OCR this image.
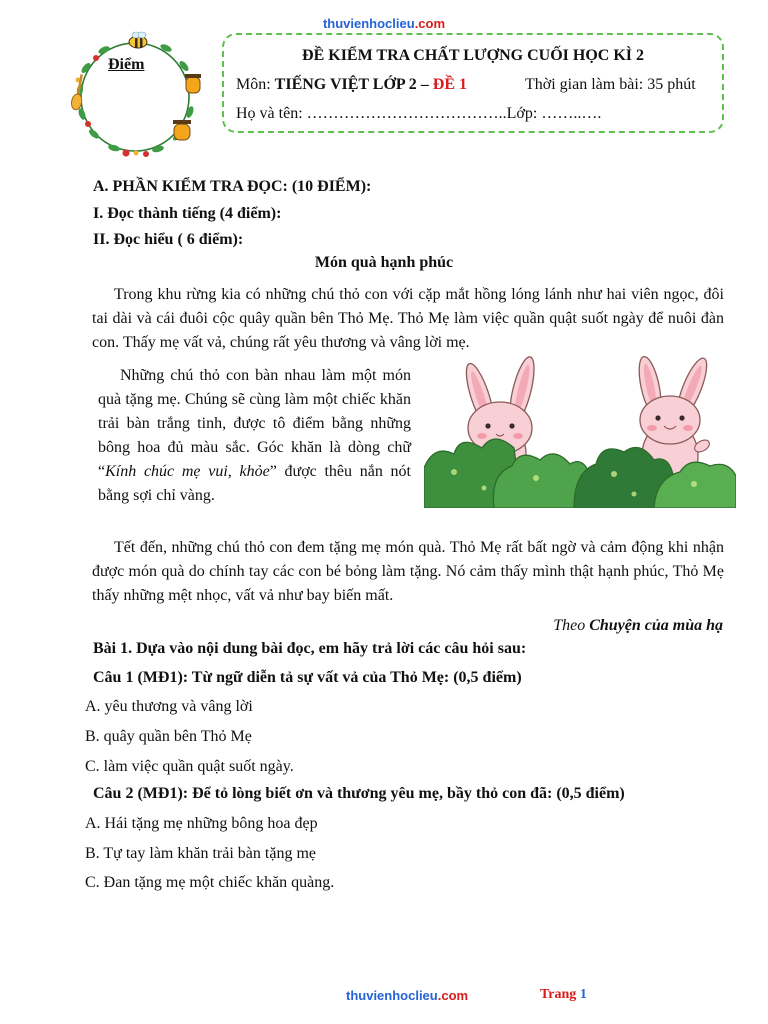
thuvienhoclieu.com
Điểm
ĐỀ KIỂM TRA CHẤT LƯỢNG CUỐI HỌC KÌ 2
Môn: TIẾNG VIỆT LỚP 2 – ĐỀ 1	Thời gian làm bài: 35 phút
Họ và tên: ………………………………..Lớp: ……..….
A. PHẦN KIỂM TRA ĐỌC: (10 ĐIỂM):
I. Đọc thành tiếng (4 điểm):
II. Đọc hiểu ( 6 điểm):
Món quà hạnh phúc

Trong khu rừng kia có những chú thỏ con với cặp mắt hồng lóng lánh như hai viên ngọc, đôi tai dài và cái đuôi cộc quây quần bên Thỏ Mẹ. Thỏ Mẹ làm việc quần quật suốt ngày để nuôi đàn con. Thấy mẹ vất vả, chúng rất yêu thương và vâng lời mẹ.

Những chú thỏ con bàn nhau làm một món quà tặng mẹ. Chúng sẽ cùng làm một chiếc khăn trải bàn trắng tinh, được tô điểm bằng những bông hoa đủ màu sắc. Góc khăn là dòng chữ “Kính chúc mẹ vui, khỏe” được thêu nắn nót bằng sợi chỉ vàng.

Tết đến, những chú thỏ con đem tặng mẹ món quà. Thỏ Mẹ rất bất ngờ và cảm động khi nhận được món quà do chính tay các con bé bỏng làm tặng. Nó cảm thấy mình thật hạnh phúc, Thỏ Mẹ thấy những mệt nhọc, vất vả như bay biến mất.

Theo Chuyện của mùa hạ
Bài 1. Dựa vào nội dung bài đọc, em hãy trả lời các câu hỏi sau:
Câu 1 (MĐ1): Từ ngữ diễn tả sự vất vả của Thỏ Mẹ: (0,5 điểm)
A. yêu thương và vâng lời
B. quây quần bên Thỏ Mẹ
C. làm việc quần quật suốt ngày.
Câu 2 (MĐ1): Để tỏ lòng biết ơn và thương yêu mẹ, bầy thỏ con đã: (0,5 điểm)
A. Hái tặng mẹ những bông hoa đẹp
B. Tự tay làm khăn trải bàn tặng mẹ
C. Đan tặng mẹ một chiếc khăn quàng.
thuvienhoclieu.com	Trang 1
